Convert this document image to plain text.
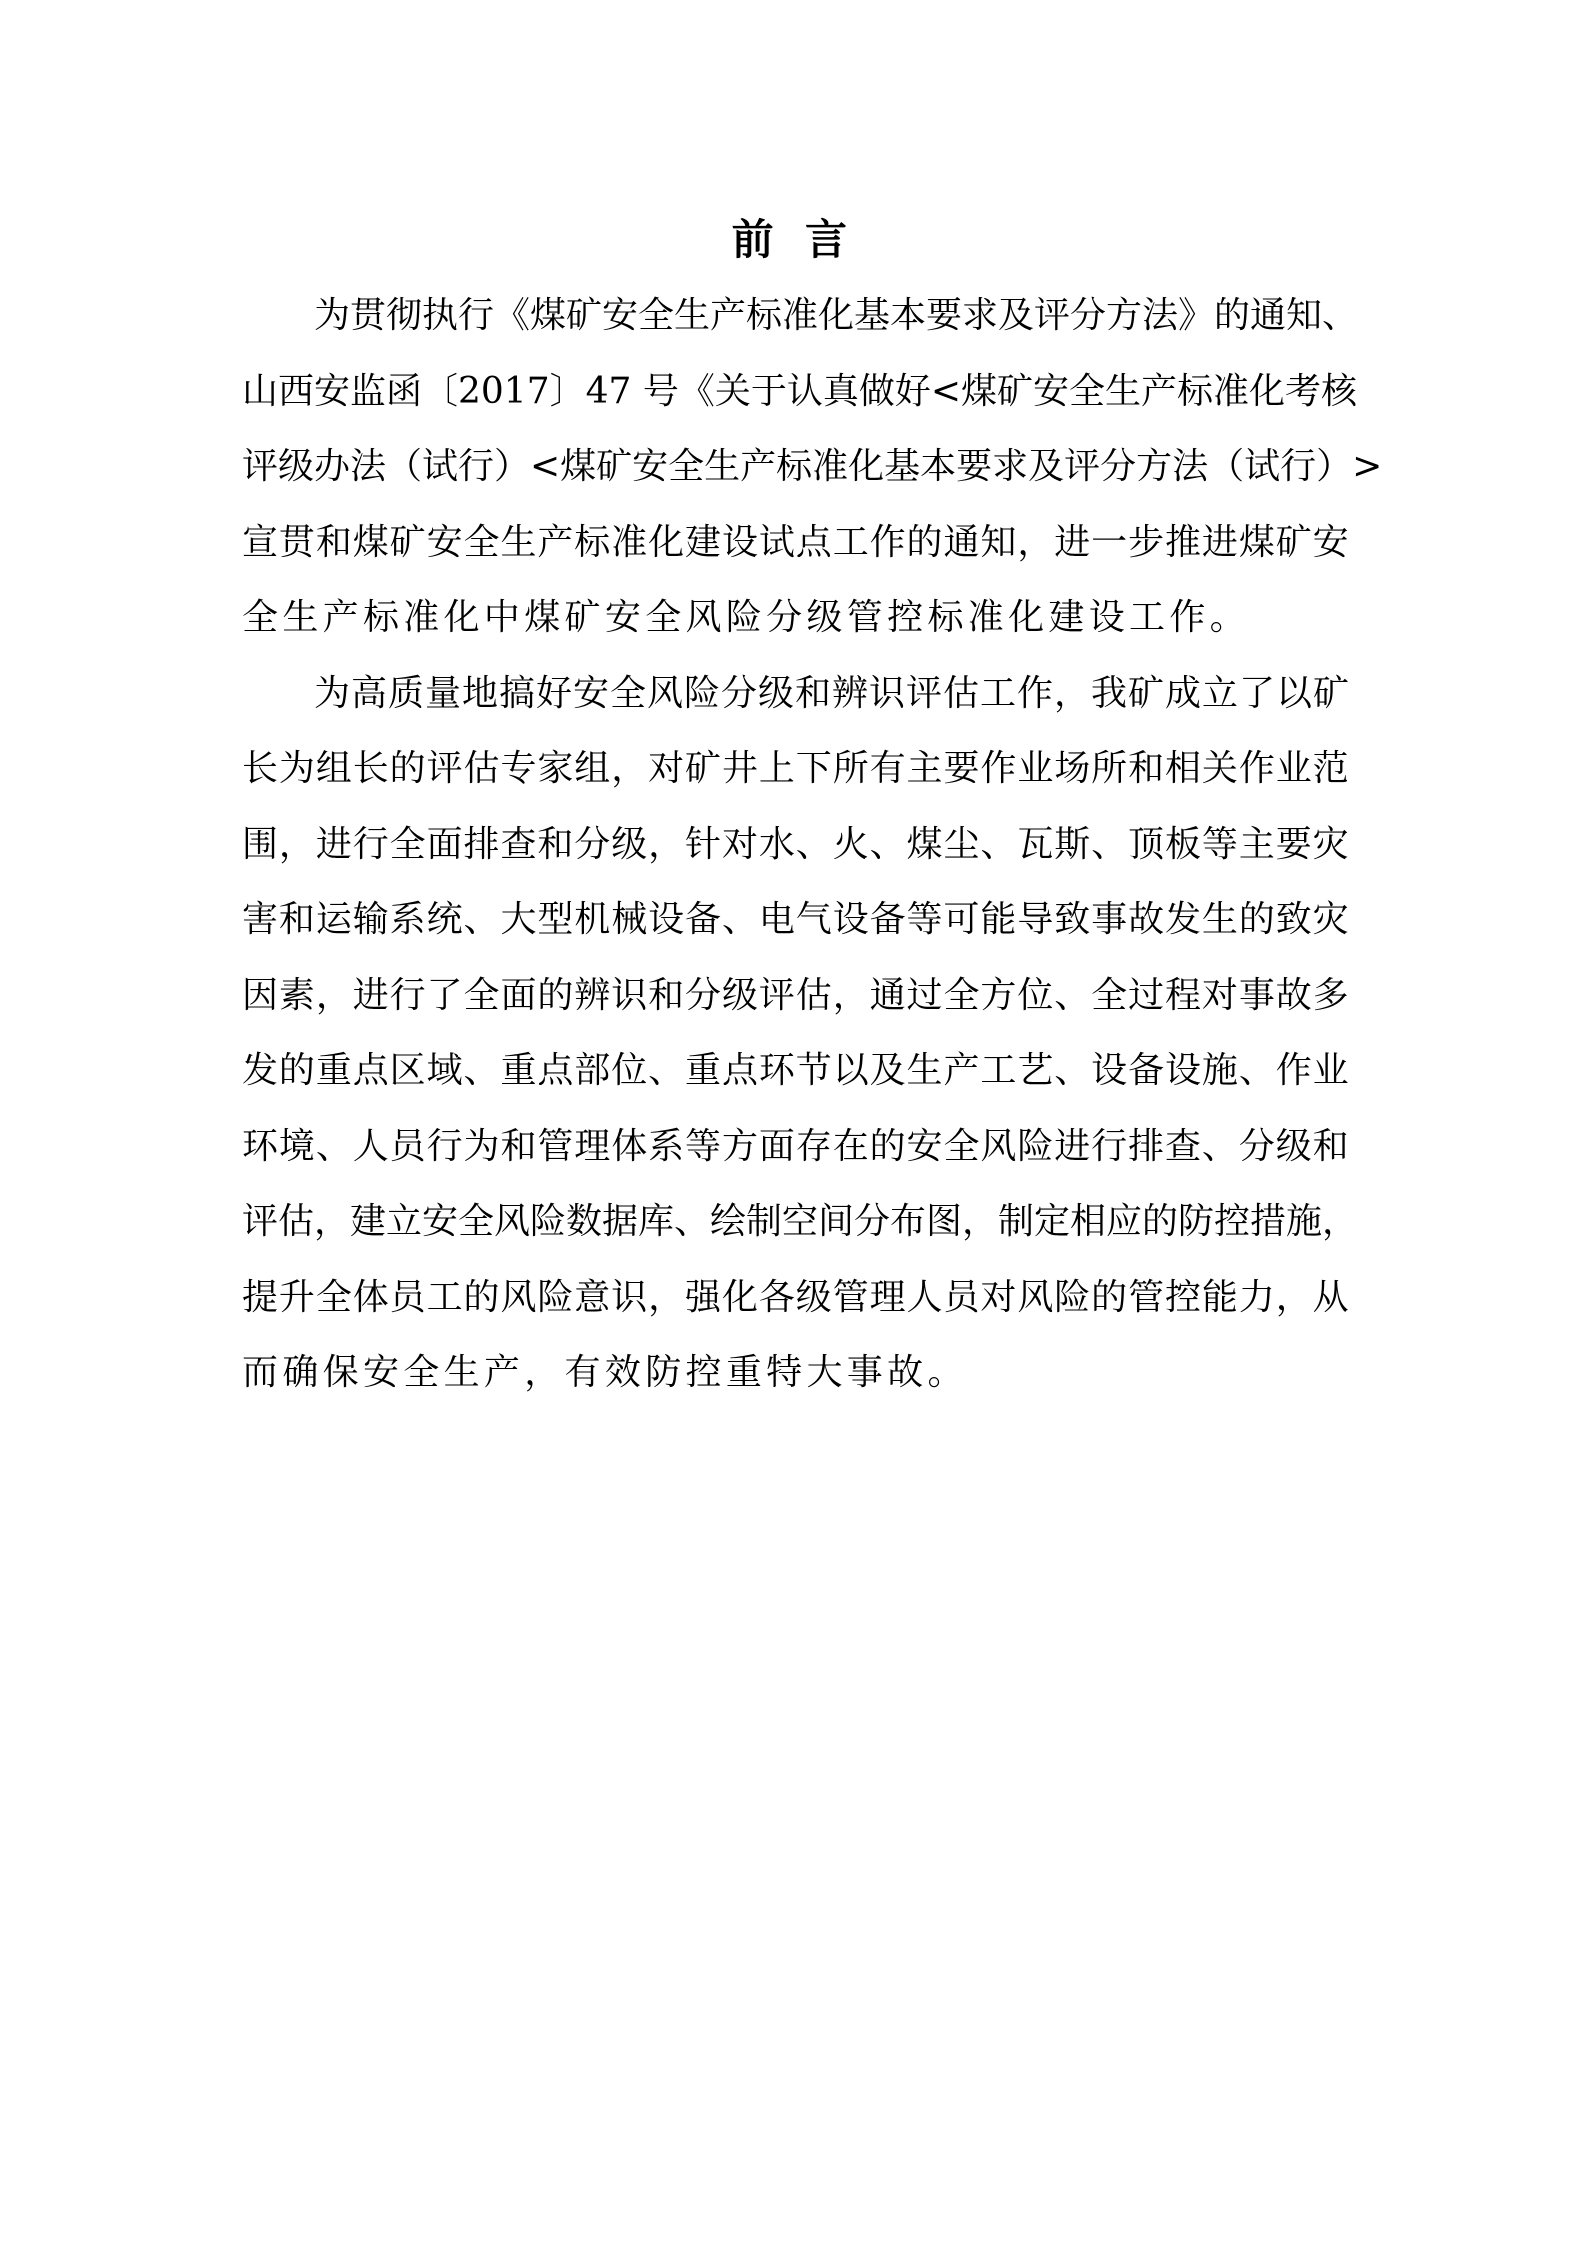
前 言

为贯彻执行《煤矿安全生产标准化基本要求及评分方法》的通知、
山西安监函〔2017〕47 号《关于认真做好<煤矿安全生产标准化考核
评级办法（试行）<煤矿安全生产标准化基本要求及评分方法（试行）>
宣贯和煤矿安全生产标准化建设试点工作的通知，进一步推进煤矿安
全生产标准化中煤矿安全风险分级管控标准化建设工作。

为高质量地搞好安全风险分级和辨识评估工作，我矿成立了以矿
长为组长的评估专家组，对矿井上下所有主要作业场所和相关作业范
围，进行全面排查和分级，针对水、火、煤尘、瓦斯、顶板等主要灾
害和运输系统、大型机械设备、电气设备等可能导致事故发生的致灾
因素，进行了全面的辨识和分级评估，通过全方位、全过程对事故多
发的重点区域、重点部位、重点环节以及生产工艺、设备设施、作业
环境、人员行为和管理体系等方面存在的安全风险进行排查、分级和
评估，建立安全风险数据库、绘制空间分布图，制定相应的防控措施，
提升全体员工的风险意识，强化各级管理人员对风险的管控能力，从
而确保安全生产，有效防控重特大事故。
